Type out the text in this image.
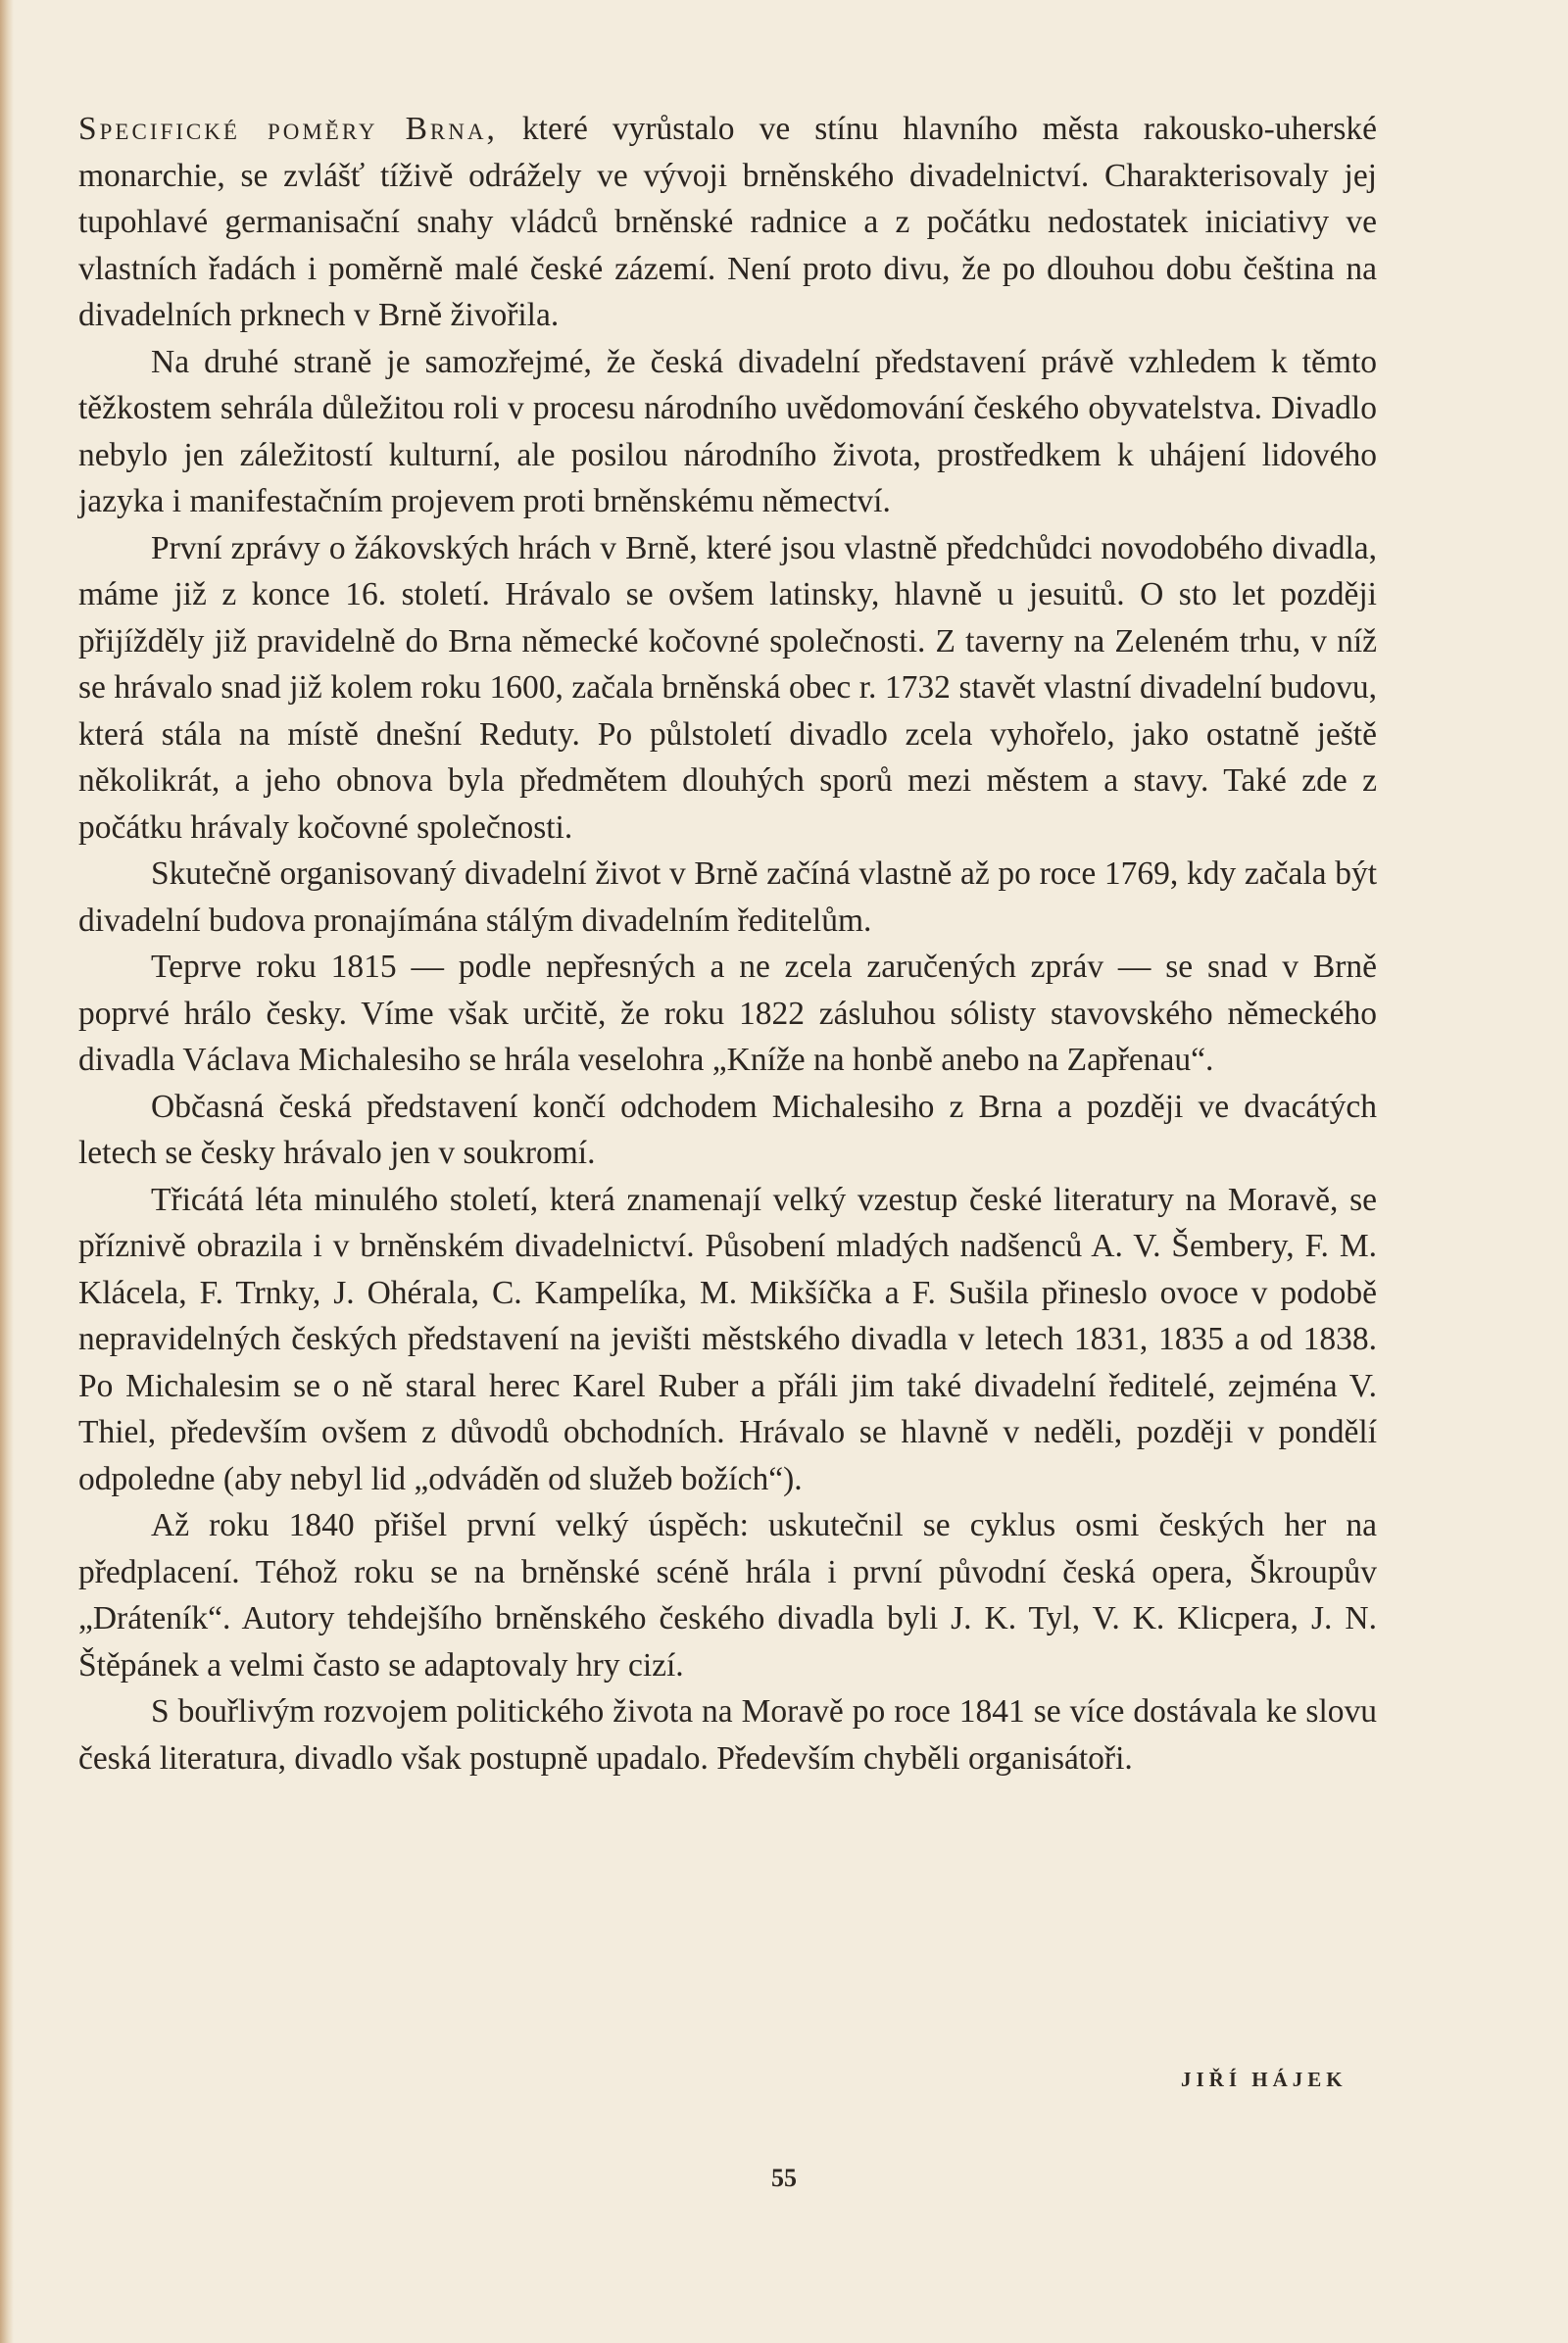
Specifické poměry Brna, které vyrůstalo ve stínu hlavního města rakousko-uherské monarchie, se zvlášť tíživě odrážely ve vývoji brněnského divadelnictví. Charakterisovaly jej tupohlavé germanisační snahy vládců brněnské radnice a z počátku nedostatek iniciativy ve vlastních řadách i poměrně malé české zázemí. Není proto divu, že po dlouhou dobu čeština na divadelních prknech v Brně živořila.

Na druhé straně je samozřejmé, že česká divadelní představení právě vzhledem k těmto těžkostem sehrála důležitou roli v procesu národního uvědomování českého obyvatelstva. Divadlo nebylo jen záležitostí kulturní, ale posilou národního života, prostředkem k uhájení lidového jazyka i manifestačním projevem proti brněnskému němectví.

První zprávy o žákovských hrách v Brně, které jsou vlastně předchůdci novodobého divadla, máme již z konce 16. století. Hrávalo se ovšem latinsky, hlavně u jesuitů. O sto let později přijížděly již pravidelně do Brna německé kočovné společnosti. Z taverny na Zeleném trhu, v níž se hrávalo snad již kolem roku 1600, začala brněnská obec r. 1732 stavět vlastní divadelní budovu, která stála na místě dnešní Reduty. Po půlstoletí divadlo zcela vyhořelo, jako ostatně ještě několikrát, a jeho obnova byla předmětem dlouhých sporů mezi městem a stavy. Také zde z počátku hrávaly kočovné společnosti.

Skutečně organisovaný divadelní život v Brně začíná vlastně až po roce 1769, kdy začala být divadelní budova pronajímána stálým divadelním ředitelům.

Teprve roku 1815 — podle nepřesných a ne zcela zaručených zpráv — se snad v Brně poprvé hrálo česky. Víme však určitě, že roku 1822 zásluhou sólisty stavovského německého divadla Václava Michalesiho se hrála veselohra „Kníže na honbě anebo na Zapřenau“.

Občasná česká představení končí odchodem Michalesiho z Brna a později ve dvacátých letech se česky hrávalo jen v soukromí.

Třicátá léta minulého století, která znamenají velký vzestup české literatury na Moravě, se příznivě obrazila i v brněnském divadelnictví. Působení mladých nadšenců A. V. Šembery, F. M. Klácela, F. Trnky, J. Ohérala, C. Kampelíka, M. Mikšíčka a F. Sušila přineslo ovoce v podobě nepravidelných českých představení na jevišti městského divadla v letech 1831, 1835 a od 1838. Po Michalesim se o ně staral herec Karel Ruber a přáli jim také divadelní ředitelé, zejména V. Thiel, především ovšem z důvodů obchodních. Hrávalo se hlavně v neděli, později v pondělí odpoledne (aby nebyl lid „odváděn od služeb božích“).

Až roku 1840 přišel první velký úspěch: uskutečnil se cyklus osmi českých her na předplacení. Téhož roku se na brněnské scéně hrála i první původní česká opera, Škroupův „Dráteník“. Autory tehdejšího brněnského českého divadla byli J. K. Tyl, V. K. Klicpera, J. N. Štěpánek a velmi často se adaptovaly hry cizí.

S bouřlivým rozvojem politického života na Moravě po roce 1841 se více dostávala ke slovu česká literatura, divadlo však postupně upadalo. Především chyběli organisátoři.

JIŘÍ HÁJEK
55
